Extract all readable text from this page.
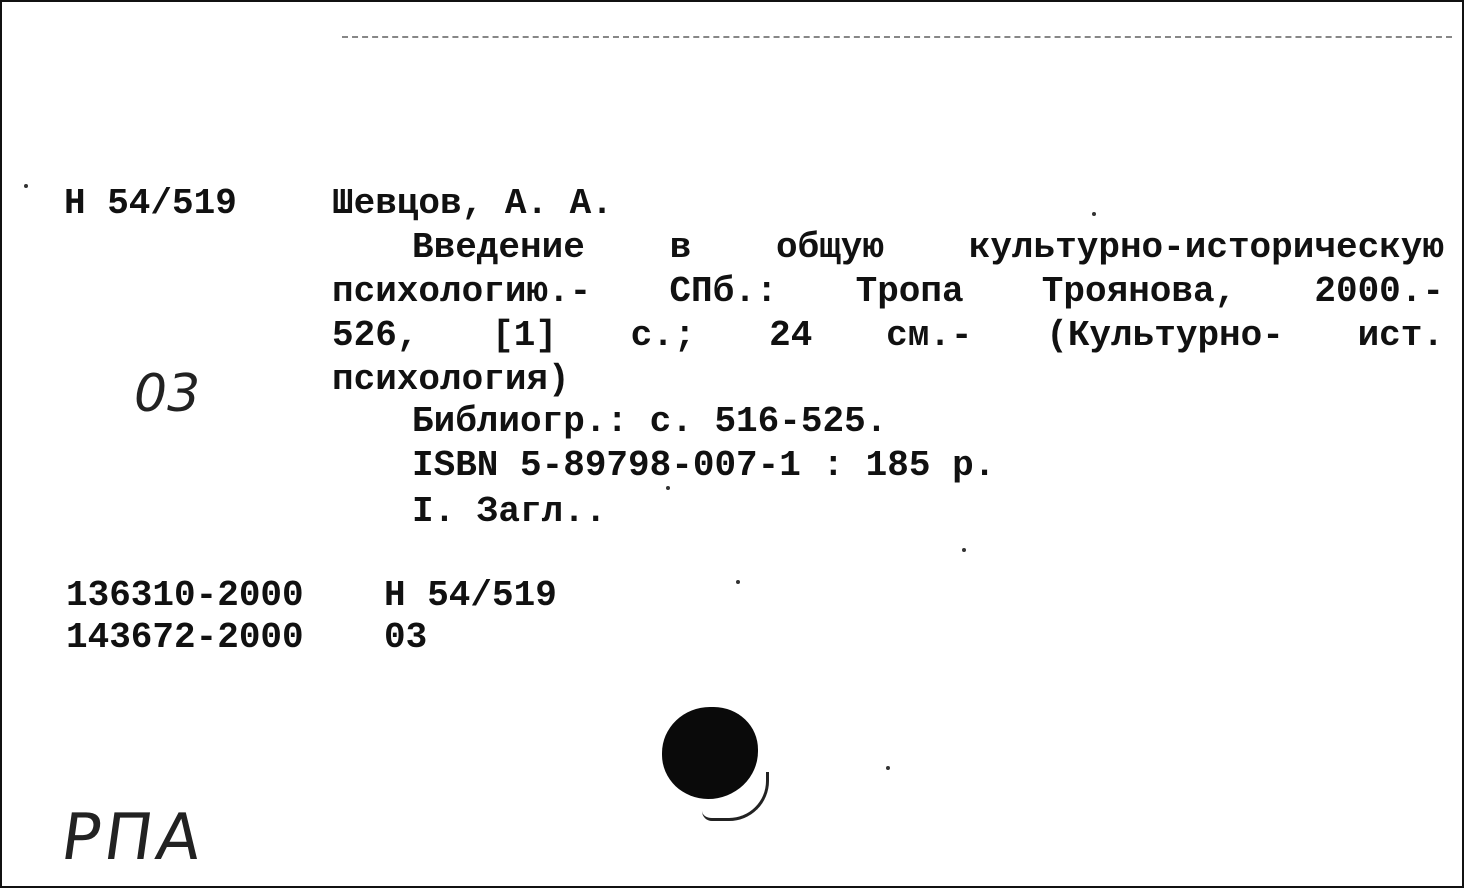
Н 54/519	Шевцов, А. А.
Введение в общую культурно-историческую
психологию.- СПб.: Тропа Троянова, 2000.-
526, [1] с.; 24 см.- (Культурно- ист.
психология)
03	Библиогр.: с. 516-525.
ISBN 5-89798-007-1 : 185 р.
I. Загл..
136310-2000 Н 54/519
143672-2000 03
РПА
